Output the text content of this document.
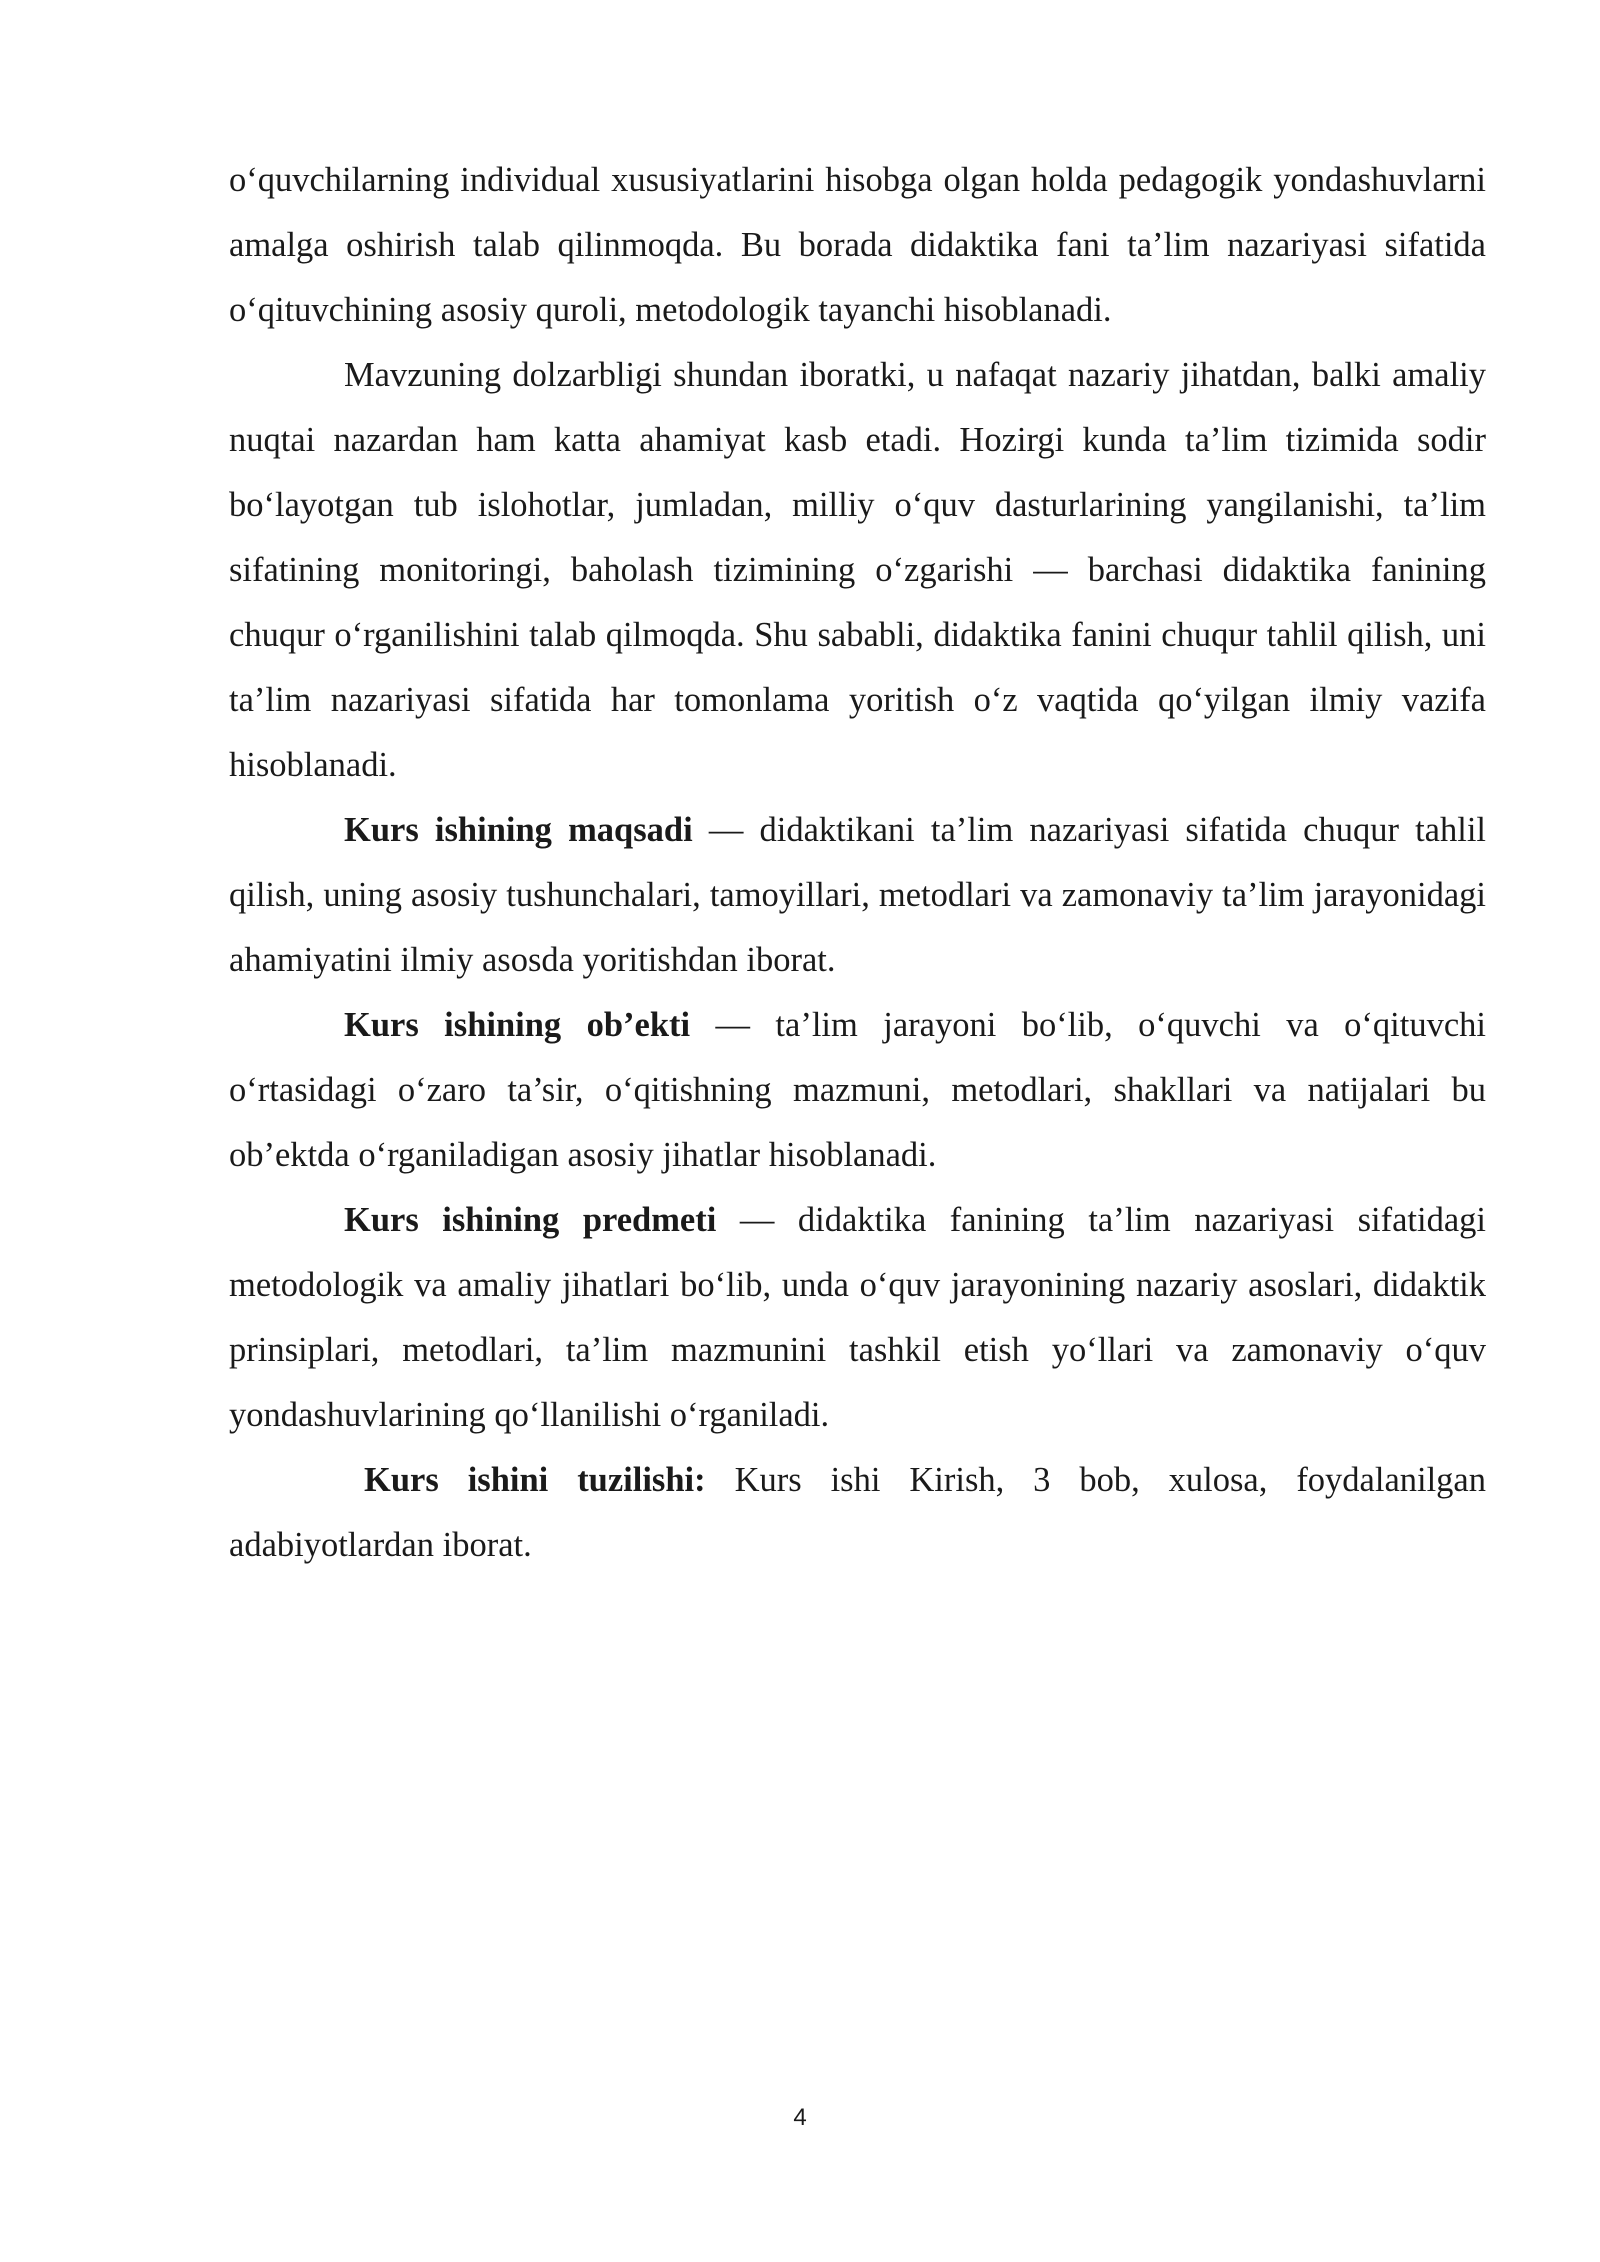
o‘quvchilarning individual xususiyatlarini hisobga olgan holda pedagogik yondashuvlarni amalga oshirish talab qilinmoqda. Bu borada didaktika fani ta’lim nazariyasi sifatida o‘qituvchining asosiy quroli, metodologik tayanchi hisoblanadi.

Mavzuning dolzarbligi shundan iboratki, u nafaqat nazariy jihatdan, balki amaliy nuqtai nazardan ham katta ahamiyat kasb etadi. Hozirgi kunda ta’lim tizimida sodir bo‘layotgan tub islohotlar, jumladan, milliy o‘quv dasturlarining yangilanishi, ta’lim sifatining monitoringi, baholash tizimining o‘zgarishi — barchasi didaktika fanining chuqur o‘rganilishini talab qilmoqda. Shu sababli, didaktika fanini chuqur tahlil qilish, uni ta’lim nazariyasi sifatida har tomonlama yoritish o‘z vaqtida qo‘yilgan ilmiy vazifa hisoblanadi.

Kurs ishining maqsadi — didaktikani ta’lim nazariyasi sifatida chuqur tahlil qilish, uning asosiy tushunchalari, tamoyillari, metodlari va zamonaviy ta’lim jarayonidagi ahamiyatini ilmiy asosda yoritishdan iborat.

Kurs ishining ob’ekti — ta’lim jarayoni bo‘lib, o‘quvchi va o‘qituvchi o‘rtasidagi o‘zaro ta’sir, o‘qitishning mazmuni, metodlari, shakllari va natijalari bu ob’ektda o‘rganiladigan asosiy jihatlar hisoblanadi.

Kurs ishining predmeti — didaktika fanining ta’lim nazariyasi sifatidagi metodologik va amaliy jihatlari bo‘lib, unda o‘quv jarayonining nazariy asoslari, didaktik prinsiplari, metodlari, ta’lim mazmunini tashkil etish yo‘llari va zamonaviy o‘quv yondashuvlarining qo‘llanilishi o‘rganiladi.

Kurs ishini tuzilishi: Kurs ishi Kirish, 3 bob, xulosa, foydalanilgan adabiyotlardan iborat.

4
